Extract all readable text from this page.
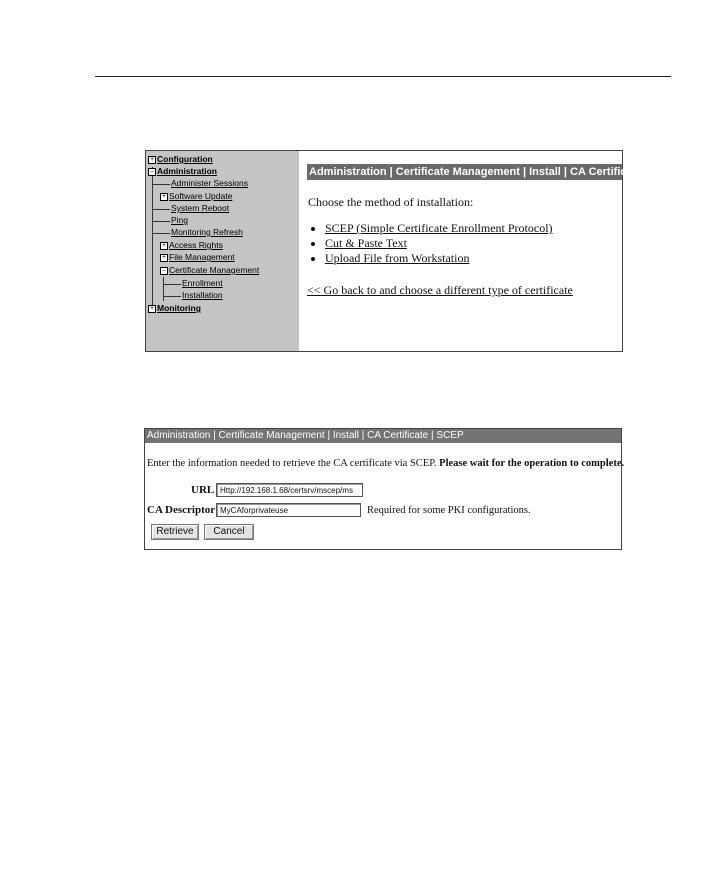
+ Configuration
− Administration
Administer Sessions
+ Software Update
System Reboot
Ping
Monitoring Refresh
+ Access Rights
+ File Management
− Certificate Management
Enrollment
Installation
+ Monitoring
Administration | Certificate Management | Install | CA Certificate
Choose the method of installation:
• SCEP (Simple Certificate Enrollment Protocol)
• Cut & Paste Text
• Upload File from Workstation
<< Go back to and choose a different type of certificate
Administration | Certificate Management | Install | CA Certificate | SCEP
Enter the information needed to retrieve the CA certificate via SCEP. Please wait for the operation to complete.
URL Http://192.168.1.68/certsrv/mscep/ms
CA Descriptor MyCAforprivateuse	Required for some PKI configurations.
Retrieve	Cancel
